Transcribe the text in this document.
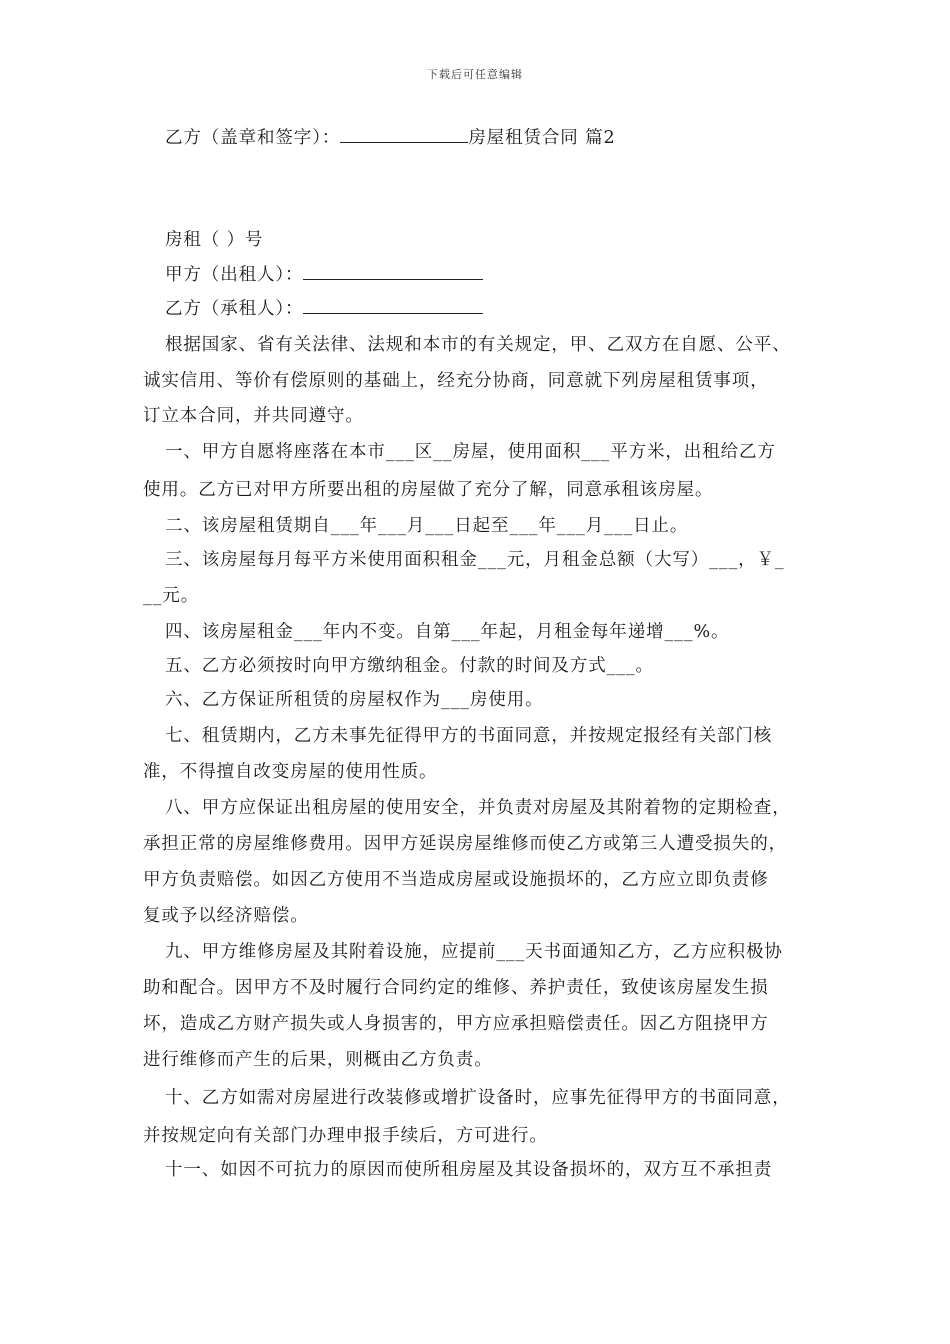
下载后可任意编辑
乙方（盖章和签字）：	房屋租赁合同 篇2
房租（ ）号
甲方（出租人）：
乙方（承租人）：
根据国家、省有关法律、法规和本市的有关规定，甲、乙双方在自愿、公平、
诚实信用、等价有偿原则的基础上，经充分协商，同意就下列房屋租赁事项，
订立本合同，并共同遵守。
一、甲方自愿将座落在本市___区__房屋，使用面积___平方米，出租给乙方
使用。乙方已对甲方所要出租的房屋做了充分了解，同意承租该房屋。
二、该房屋租赁期自___年___月___日起至___年___月___日止。
三、该房屋每月每平方米使用面积租金___元，月租金总额（大写）___，￥_
__元。
四、该房屋租金___年内不变。自第___年起，月租金每年递增___%。
五、乙方必须按时向甲方缴纳租金。付款的时间及方式___。
六、乙方保证所租赁的房屋权作为___房使用。
七、租赁期内，乙方未事先征得甲方的书面同意，并按规定报经有关部门核
准，不得擅自改变房屋的使用性质。
八、甲方应保证出租房屋的使用安全，并负责对房屋及其附着物的定期检查，
承担正常的房屋维修费用。因甲方延误房屋维修而使乙方或第三人遭受损失的，
甲方负责赔偿。如因乙方使用不当造成房屋或设施损坏的，乙方应立即负责修
复或予以经济赔偿。
九、甲方维修房屋及其附着设施，应提前___天书面通知乙方，乙方应积极协
助和配合。因甲方不及时履行合同约定的维修、养护责任，致使该房屋发生损
坏，造成乙方财产损失或人身损害的，甲方应承担赔偿责任。因乙方阻挠甲方
进行维修而产生的后果，则概由乙方负责。
十、乙方如需对房屋进行改装修或增扩设备时，应事先征得甲方的书面同意，
并按规定向有关部门办理申报手续后，方可进行。
十一、如因不可抗力的原因而使所租房屋及其设备损坏的，双方互不承担责
